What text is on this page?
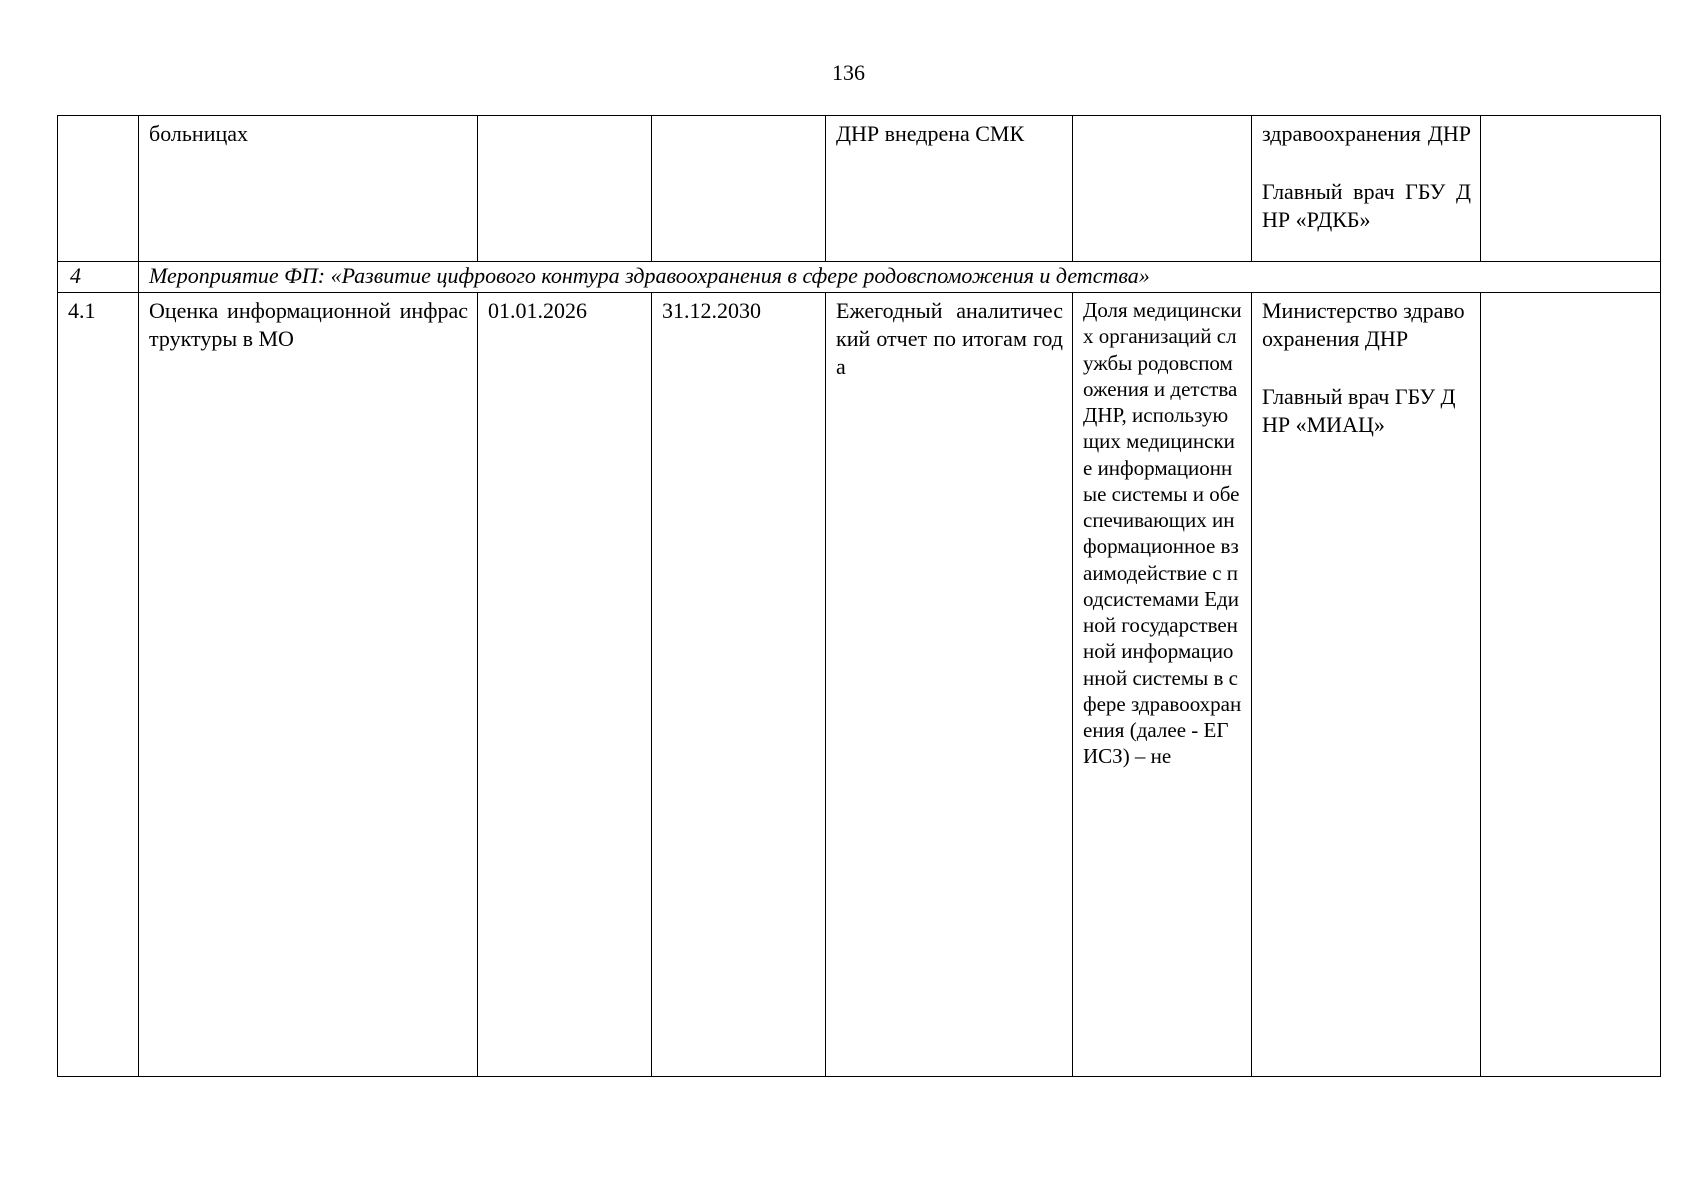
136
	больницах			ДНР внедрена СМК		здравоохранения ДНР
Главный врач ГБУ ДНР «РДКБ»	

4	Мероприятие ФП: «Развитие цифрового контура здравоохранения в сфере родовспоможения и детства»						
4.1	Оценка информационной инфраструктуры в МО	01.01.2026	31.12.2030	Ежегодный аналитический отчет по итогам года	Доля медицинских организаций службы родовспоможения и детства ДНР, использующих медицинские информационные системы и обеспечивающих информационное взаимодействие с подсистемами Единой государственной информационной системы в сфере здравоохранения (далее - ЕГИСЗ) – не	Министерство здравоохранения ДНР
Главный врач ГБУ ДНР «МИАЦ»	
